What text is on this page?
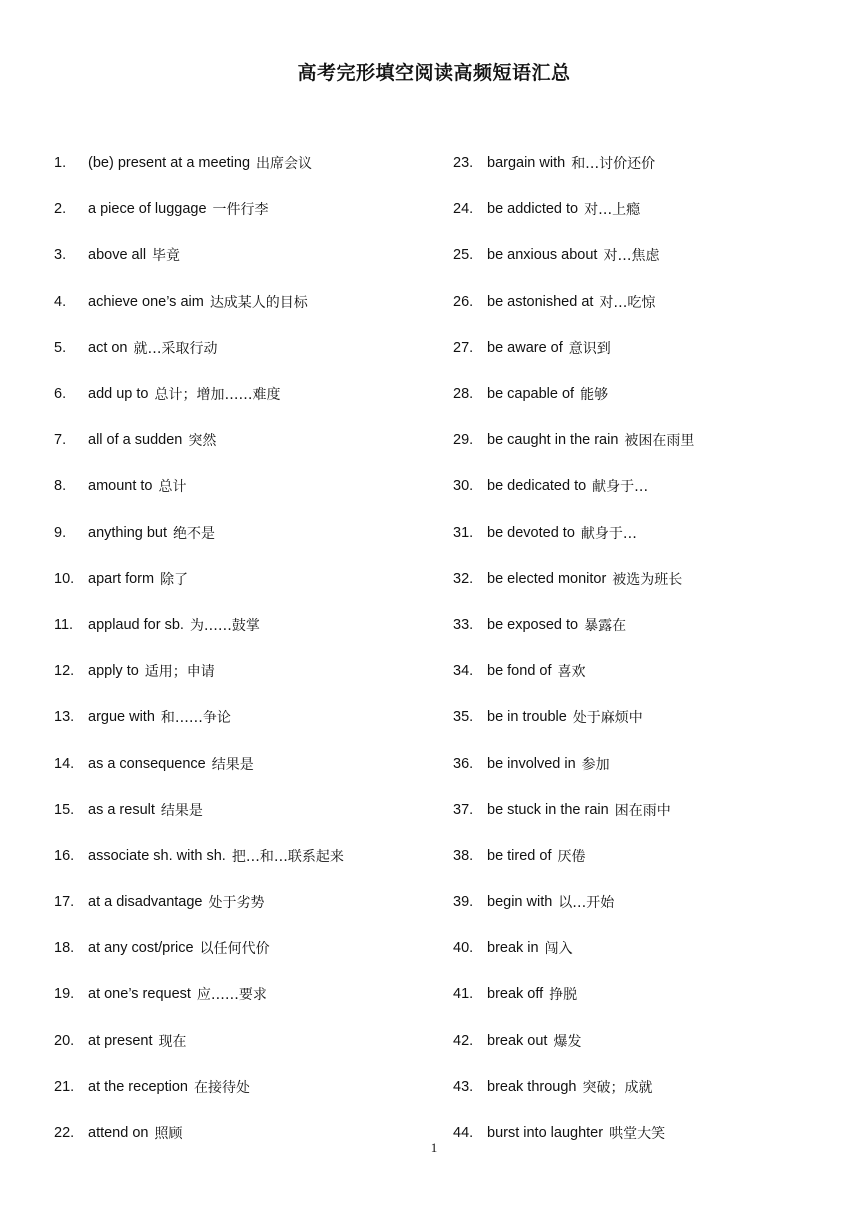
高考完形填空阅读高频短语汇总
1.	(be) present at a meeting 出席会议
2.	a piece of luggage 一件行李
3.	above all 毕竟
4.	achieve one’s aim 达成某人的目标
5.	act on 就…采取行动
6.	add up to 总计；增加……难度
7.	all of a sudden 突然
8.	amount to 总计
9.	anything but 绝不是
10. apart form 除了
11.	applaud for sb. 为……鼓掌
12. apply to 适用；申请
13. argue with 和……争论
14. as a consequence 结果是
15. as a result 结果是
16. associate sh. with sh. 把…和…联系起来
17. at a disadvantage 处于劣势
18. at any cost/price 以任何代价
19. at one’s request 应……要求
20. at present 现在
21. at the reception 在接待处
22. attend on 照顾
23. bargain with 和…讨价还价
24. be addicted to 对…上瘾
25. be anxious about 对…焦虑
26. be astonished at 对…吃惊
27. be aware of 意识到
28. be capable of 能够
29. be caught in the rain 被困在雨里
30. be dedicated to 献身于…
31. be devoted to 献身于…
32. be elected monitor 被选为班长
33. be exposed to 暴露在
34. be fond of 喜欢
35. be in trouble 处于麻烦中
36. be involved in 参加
37. be stuck in the rain 困在雨中
38. be tired of 厌倦
39. begin with 以…开始
40. break in 闯入
41. break off 挣脱
42. break out 爆发
43. break through 突破；成就
44. burst into laughter 哄堂大笑
1
